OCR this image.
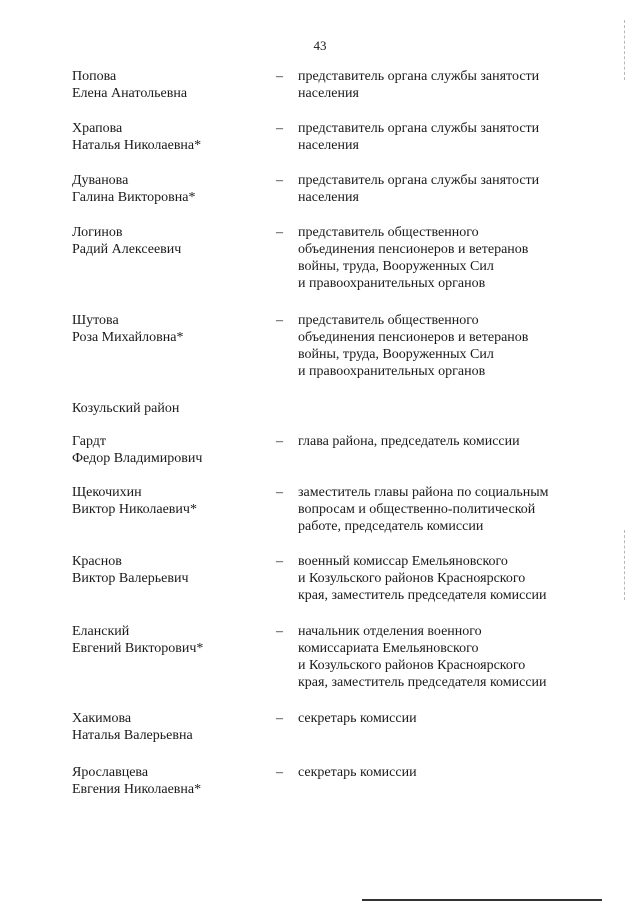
43
Попова
Елена Анатольевна
– представитель органа службы занятости
населения
Храпова
Наталья Николаевна*
– представитель органа службы занятости
населения
Дуванова
Галина Викторовна*
– представитель органа службы занятости
населения
Логинов
Радий Алексеевич
– представитель общественного
объединения пенсионеров и ветеранов
войны, труда, Вооруженных Сил
и правоохранительных органов
Шутова
Роза Михайловна*
– представитель общественного
объединения пенсионеров и ветеранов
войны, труда, Вооруженных Сил
и правоохранительных органов
Козульский район
Гардт
Федор Владимирович
– глава района, председатель комиссии
Щекочихин
Виктор Николаевич*
– заместитель главы района по социальным
вопросам и общественно-политической
работе, председатель комиссии
Краснов
Виктор Валерьевич
– военный комиссар Емельяновского
и Козульского районов Красноярского
края, заместитель председателя комиссии
Еланский
Евгений Викторович*
– начальник отделения военного
комиссариата Емельяновского
и Козульского районов Красноярского
края, заместитель председателя комиссии
Хакимова
Наталья Валерьевна
– секретарь комиссии
Ярославцева
Евгения Николаевна*
– секретарь комиссии
